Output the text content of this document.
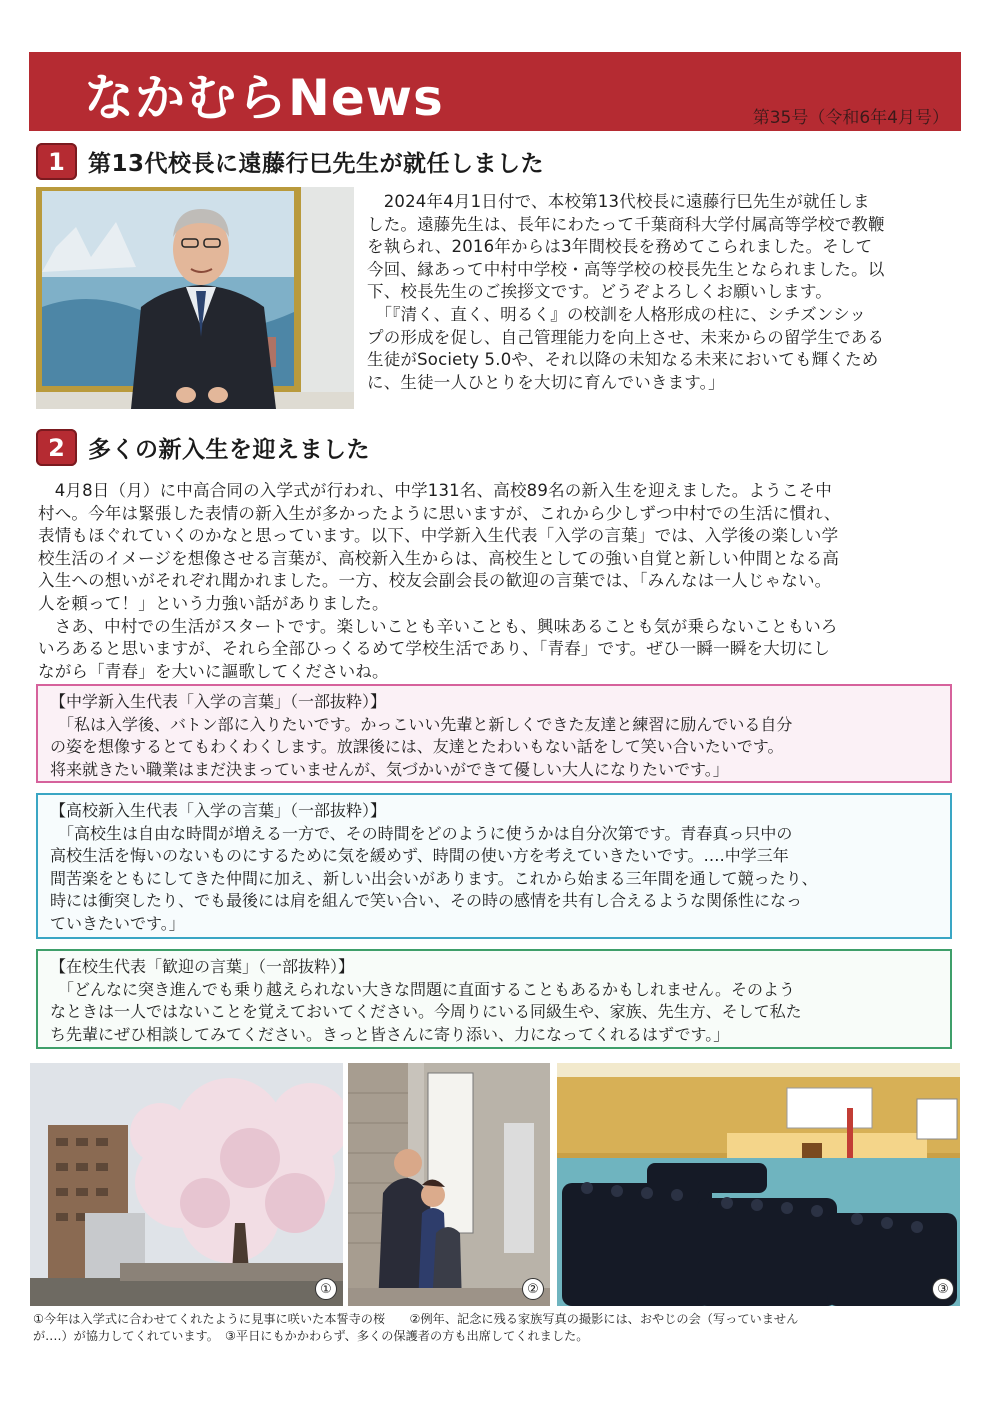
なかむらNews	第35号（令和6年4月号）
1	第13代校長に遠藤行巳先生が就任しました
　2024年4月1日付で、本校第13代校長に遠藤行巳先生が就任しま
した。遠藤先生は、長年にわたって千葉商科大学付属高等学校で教鞭
を執られ、2016年からは3年間校長を務めてこられました。そして
今回、縁あって中村中学校・高等学校の校長先生となられました。以
下、校長先生のご挨拶文です。どうぞよろしくお願いします。
　「『清く、直く、明るく』の校訓を人格形成の柱に、シチズンシッ
プの形成を促し、自己管理能力を向上させ、未来からの留学生である
生徒がSociety 5.0や、それ以降の未知なる未来においても輝くため
に、生徒一人ひとりを大切に育んでいきます。」
2	多くの新入生を迎えました
　4月8日（月）に中高合同の入学式が行われ、中学131名、高校89名の新入生を迎えました。ようこそ中
村へ。今年は緊張した表情の新入生が多かったように思いますが、これから少しずつ中村での生活に慣れ、
表情もほぐれていくのかなと思っています。以下、中学新入生代表「入学の言葉」では、入学後の楽しい学
校生活のイメージを想像させる言葉が、高校新入生からは、高校生としての強い自覚と新しい仲間となる高
入生への想いがそれぞれ聞かれました。一方、校友会副会長の歓迎の言葉では、「みんなは一人じゃない。
人を頼って！」という力強い話がありました。
　さあ、中村での生活がスタートです。楽しいことも辛いことも、興味あることも気が乗らないこともいろ
いろあると思いますが、それら全部ひっくるめて学校生活であり、「青春」です。ぜひ一瞬一瞬を大切にし
ながら「青春」を大いに謳歌してくださいね。
【中学新入生代表「入学の言葉」（一部抜粋）】
　「私は入学後、バトン部に入りたいです。かっこいい先輩と新しくできた友達と練習に励んでいる自分
の姿を想像するとてもわくわくします。放課後には、友達とたわいもない話をして笑い合いたいです。
将来就きたい職業はまだ決まっていませんが、気づかいができて優しい大人になりたいです。」
【高校新入生代表「入学の言葉」（一部抜粋）】
　「高校生は自由な時間が増える一方で、その時間をどのように使うかは自分次第です。青春真っ只中の
高校生活を悔いのないものにするために気を緩めず、時間の使い方を考えていきたいです。‥‥中学三年
間苦楽をともにしてきた仲間に加え、新しい出会いがあります。これから始まる三年間を通して競ったり、
時には衝突したり、でも最後には肩を組んで笑い合い、その時の感情を共有し合えるような関係性になっ
ていきたいです。」
【在校生代表「歓迎の言葉」（一部抜粋）】
　「どんなに突き進んでも乗り越えられない大きな問題に直面することもあるかもしれません。そのよう
なときは一人ではないことを覚えておいてください。今周りにいる同級生や、家族、先生方、そして私た
ち先輩にぜひ相談してみてください。きっと皆さんに寄り添い、力になってくれるはずです。」
①	②	③
①今年は入学式に合わせてくれたように見事に咲いた本誓寺の桜　　②例年、記念に残る家族写真の撮影には、おやじの会（写っていません
が‥‥）が協力してくれています。　③平日にもかかわらず、多くの保護者の方も出席してくれました。
